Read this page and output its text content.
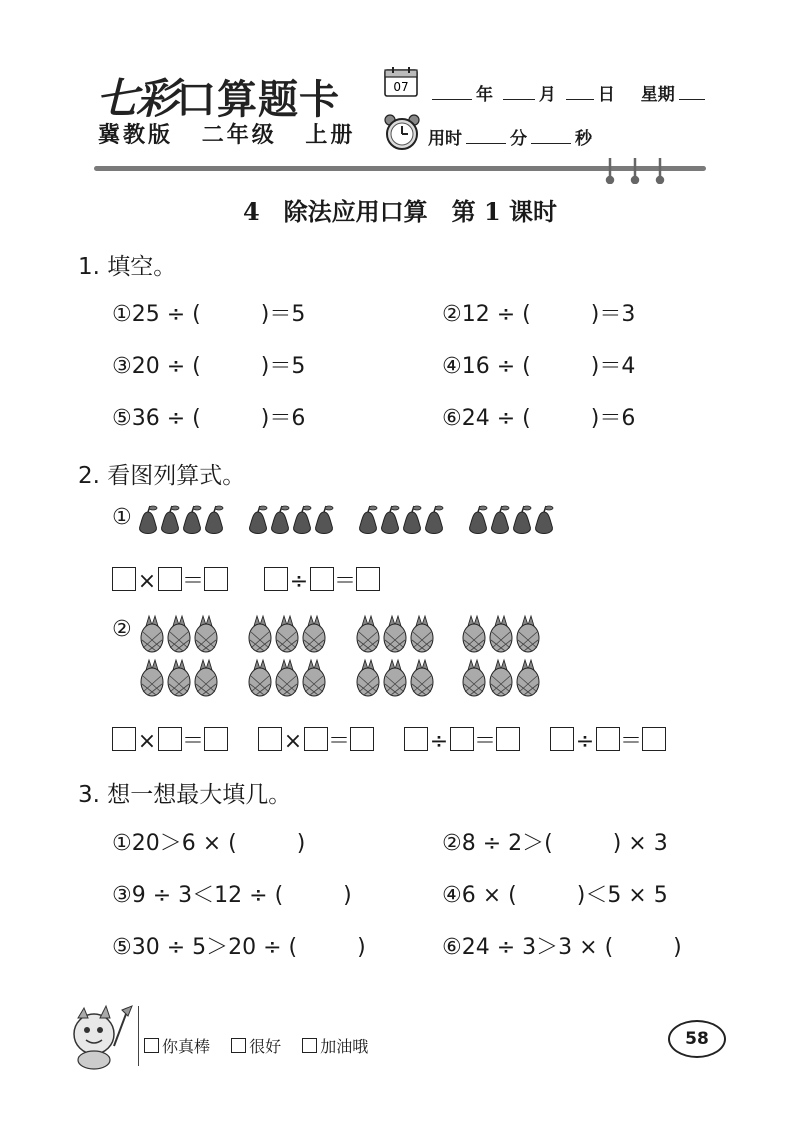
七彩口算题卡
冀教版 二年级 上册
07	年	月 日 星期
用时	分	秒
4　除法应用口算　第 1 课时
1. 填空。
①25 ÷ (	)＝5	②12 ÷ (	)＝3
③20 ÷ (	)＝5	④16 ÷ (	)＝4
⑤36 ÷ (	)＝6	⑥24 ÷ (	)＝6
2. 看图列算式。
①
× ＝	÷ ＝
②
× ＝	× ＝	÷ ＝	÷ ＝
3. 想一想最大填几。
①20＞6 × (	)	②8 ÷ 2＞(	) × 3
③9 ÷ 3＜12 ÷ (	)	④6 × (	)＜5 × 5
⑤30 ÷ 5＞20 ÷ (	)	⑥24 ÷ 3＞3 × (	)
你真棒 很好 加油哦	58
